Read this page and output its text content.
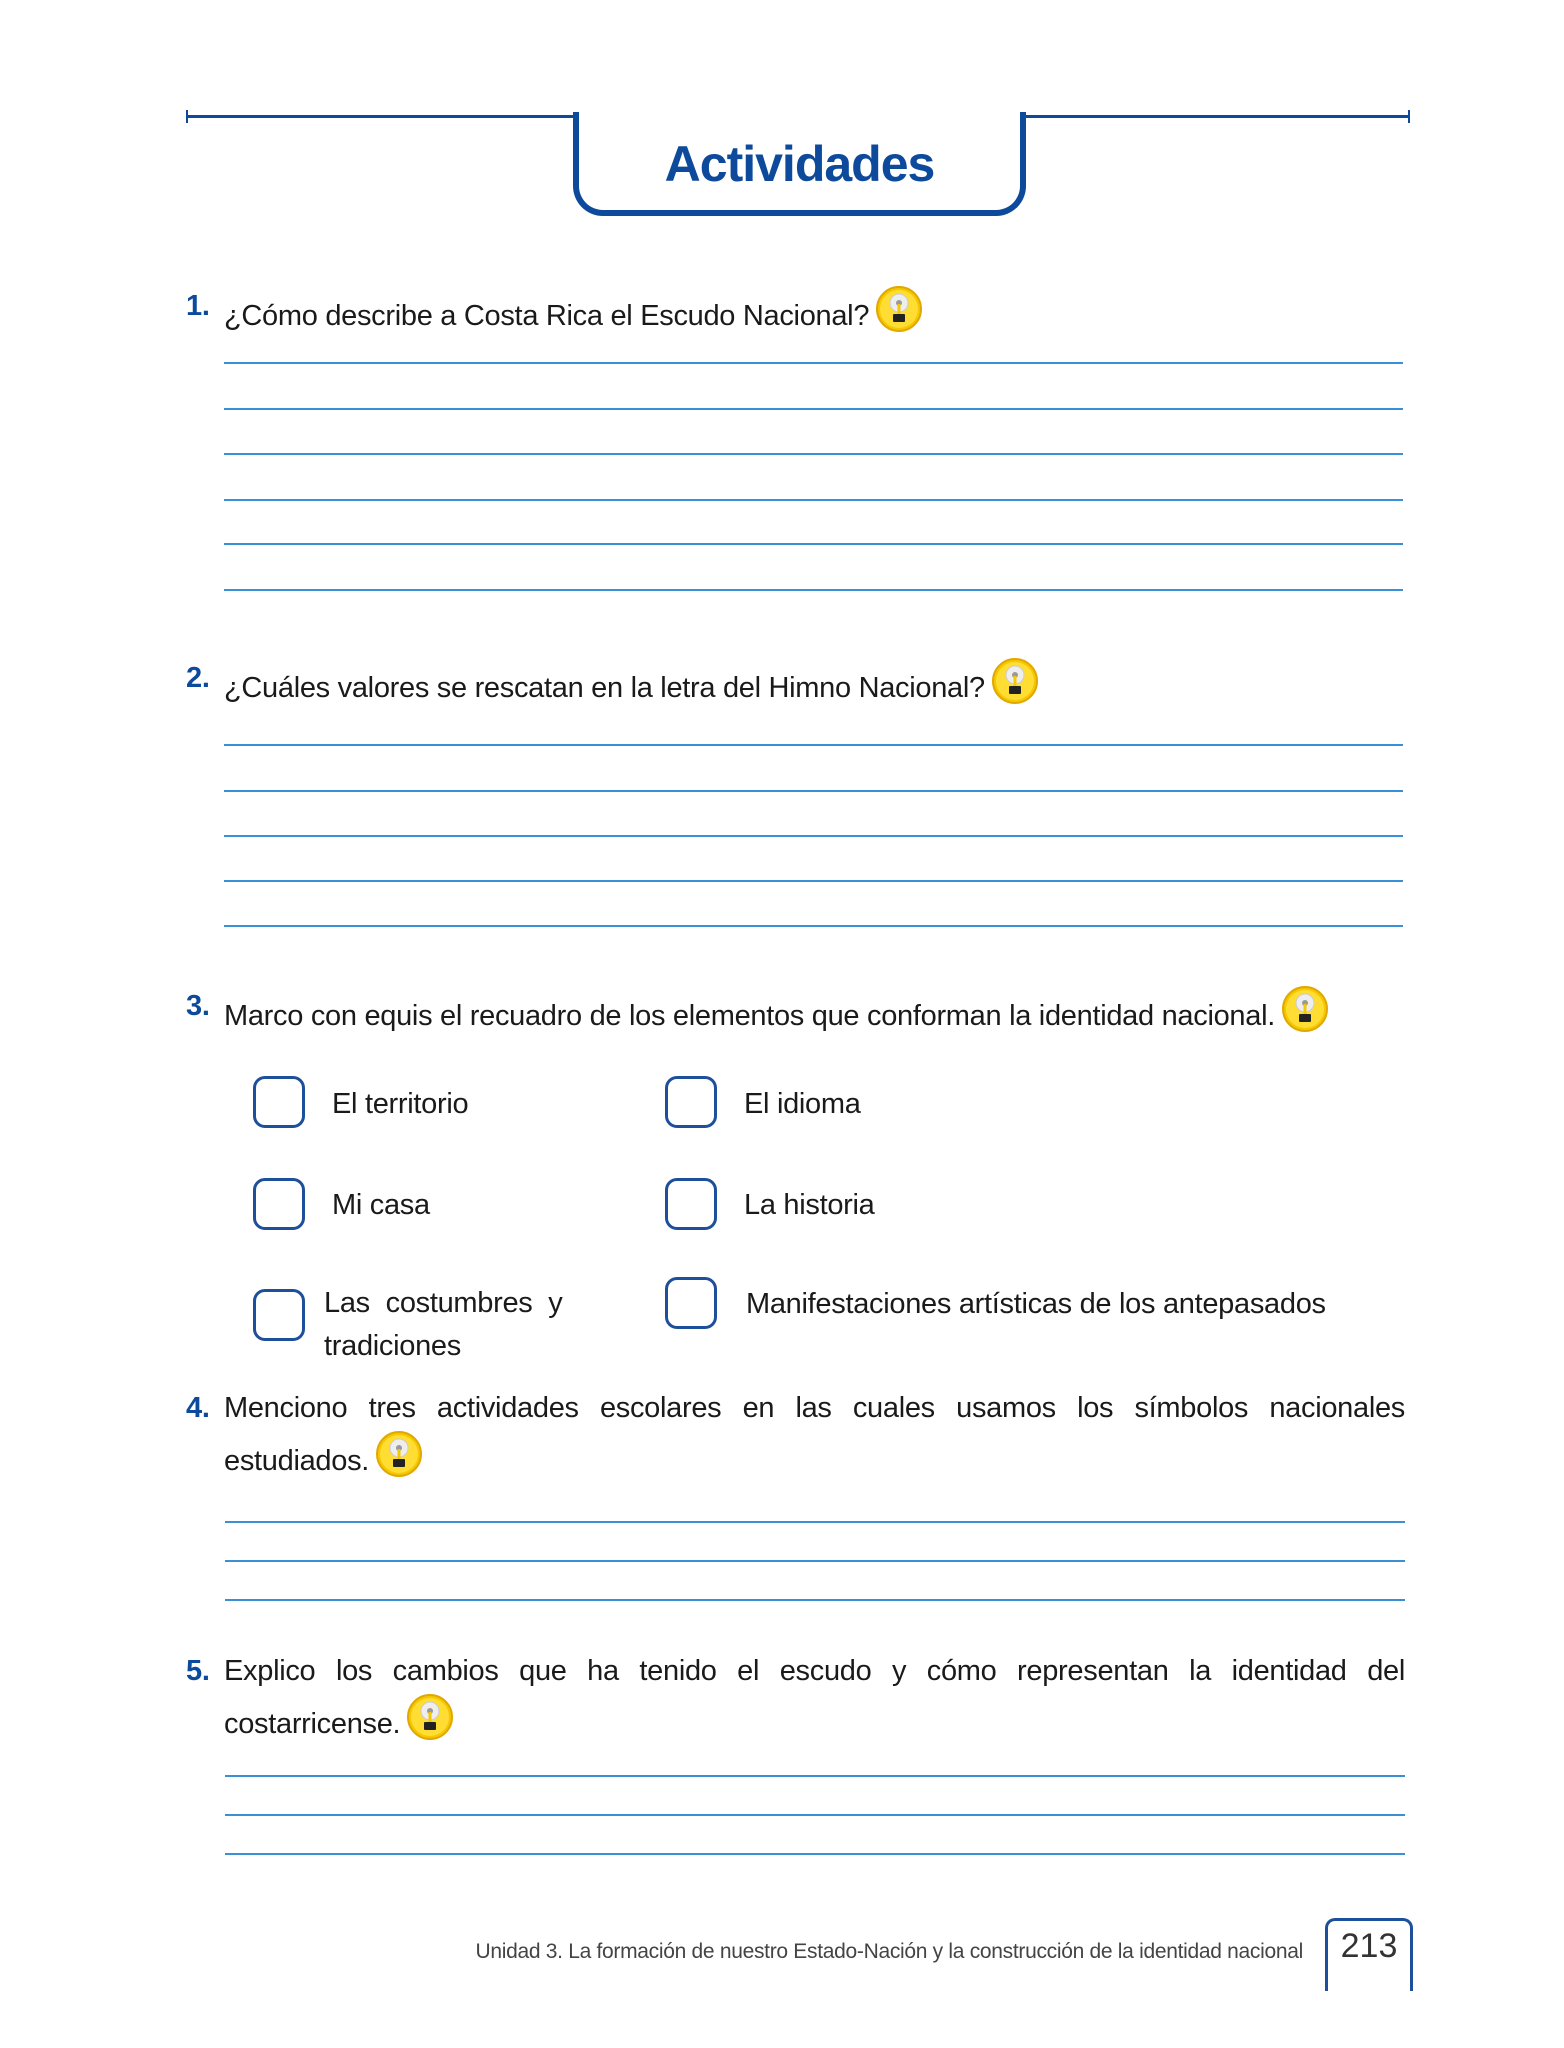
Actividades
1. ¿Cómo describe a Costa Rica el Escudo Nacional?
2. ¿Cuáles valores se rescatan en la letra del Himno Nacional?
3. Marco con equis el recuadro de los elementos que conforman la identidad nacional.
El territorio	El idioma
Mi casa	La historia
Las costumbres y tradiciones
Manifestaciones artísticas de los antepasados
4. Menciono tres actividades escolares en las cuales usamos los símbolos nacionales estudiados.
5. Explico los cambios que ha tenido el escudo y cómo representan la identidad del costarricense.
Unidad 3. La formación de nuestro Estado-Nación y la construcción de la identidad nacional	213
